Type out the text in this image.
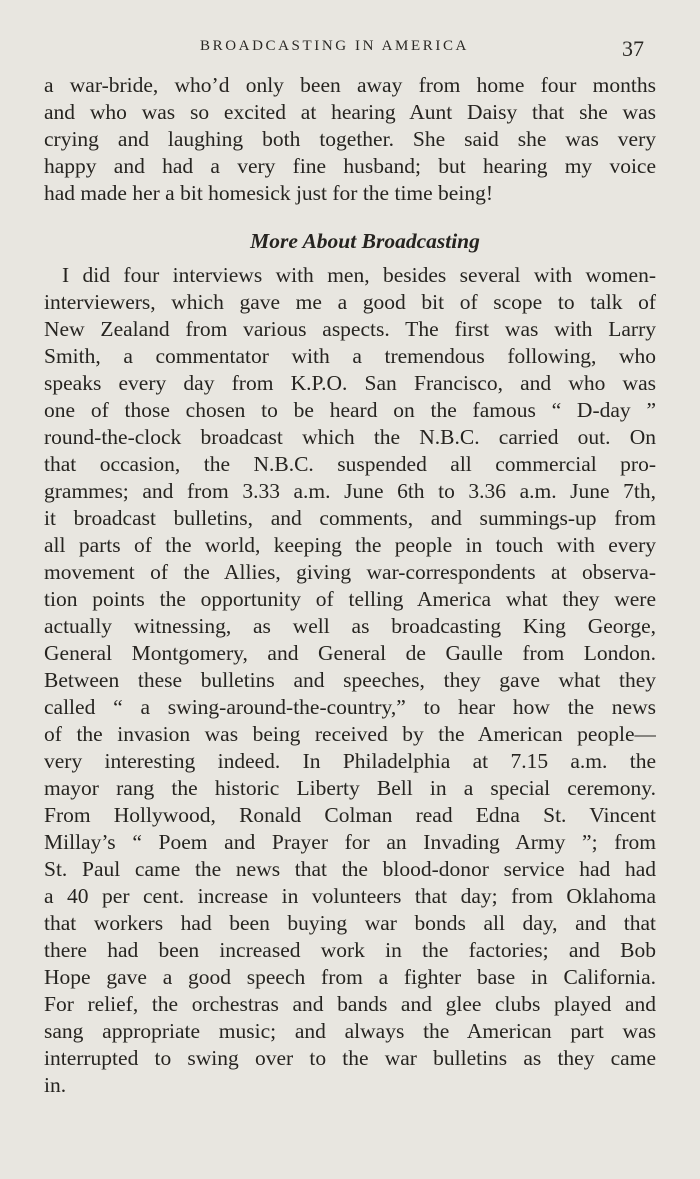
BROADCASTING IN AMERICA	37
a war-bride, who’d only been away from home four months
and who was so excited at hearing Aunt Daisy that she was
crying and laughing both together. She said she was very
happy and had a very fine husband; but hearing my voice
had made her a bit homesick just for the time being!
More About Broadcasting
I did four interviews with men, besides several with women-
interviewers, which gave me a good bit of scope to talk of
New Zealand from various aspects. The first was with Larry
Smith, a commentator with a tremendous following, who
speaks every day from K.P.O. San Francisco, and who was
one of those chosen to be heard on the famous “ D-day ”
round-the-clock broadcast which the N.B.C. carried out. On
that occasion, the N.B.C. suspended all commercial pro-
grammes; and from 3.33 a.m. June 6th to 3.36 a.m. June 7th,
it broadcast bulletins, and comments, and summings-up from
all parts of the world, keeping the people in touch with every
movement of the Allies, giving war-correspondents at observa-
tion points the opportunity of telling America what they were
actually witnessing, as well as broadcasting King George,
General Montgomery, and General de Gaulle from London.
Between these bulletins and speeches, they gave what they
called “ a swing-around-the-country,” to hear how the news
of the invasion was being received by the American people—
very interesting indeed. In Philadelphia at 7.15 a.m. the
mayor rang the historic Liberty Bell in a special ceremony.
From Hollywood, Ronald Colman read Edna St. Vincent
Millay’s “ Poem and Prayer for an Invading Army ”; from
St. Paul came the news that the blood-donor service had had
a 40 per cent. increase in volunteers that day; from Oklahoma
that workers had been buying war bonds all day, and that
there had been increased work in the factories; and Bob
Hope gave a good speech from a fighter base in California.
For relief, the orchestras and bands and glee clubs played and
sang appropriate music; and always the American part was
interrupted to swing over to the war bulletins as they came
in.
